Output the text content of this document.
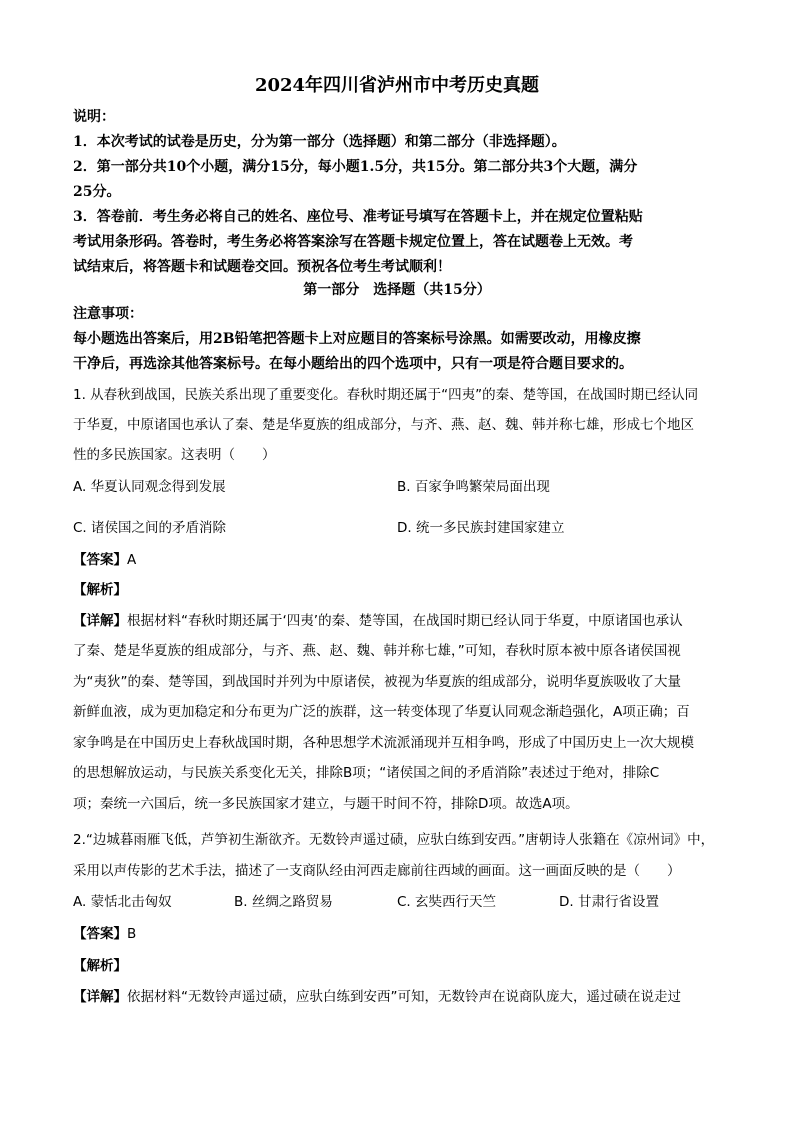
2024年四川省泸州市中考历史真题
说明：
1．本次考试的试卷是历史，分为第一部分（选择题）和第二部分（非选择题）。
2．第一部分共10个小题，满分15分，每小题1.5分，共15分。第二部分共3个大题，满分
25分。
3．答卷前．考生务必将自己的姓名、座位号、准考证号填写在答题卡上，并在规定位置粘贴
考试用条形码。答卷时，考生务必将答案涂写在答题卡规定位置上，答在试题卷上无效。考
试结束后，将答题卡和试题卷交回。预祝各位考生考试顺利！
第一部分　选择题（共15分）
注意事项：
每小题选出答案后，用2B铅笔把答题卡上对应题目的答案标号涂黑。如需要改动，用橡皮擦
干净后，再选涂其他答案标号。在每小题给出的四个选项中，只有一项是符合题目要求的。
1. 从春秋到战国，民族关系出现了重要变化。春秋时期还属于“四夷”的秦、楚等国，在战国时期已经认同
于华夏，中原诸国也承认了秦、楚是华夏族的组成部分，与齐、燕、赵、魏、韩并称七雄，形成七个地区
性的多民族国家。这表明（　　）
A. 华夏认同观念得到发展	B. 百家争鸣繁荣局面出现
C. 诸侯国之间的矛盾消除	D. 统一多民族封建国家建立
【答案】A
【解析】
【详解】根据材料“春秋时期还属于‘四夷’的秦、楚等国，在战国时期已经认同于华夏，中原诸国也承认
了秦、楚是华夏族的组成部分，与齐、燕、赵、魏、韩并称七雄，”可知，春秋时原本被中原各诸侯国视
为“夷狄”的秦、楚等国，到战国时并列为中原诸侯，被视为华夏族的组成部分，说明华夏族吸收了大量
新鲜血液，成为更加稳定和分布更为广泛的族群，这一转变体现了华夏认同观念渐趋强化，A项正确；百
家争鸣是在中国历史上春秋战国时期，各种思想学术流派涌现并互相争鸣，形成了中国历史上一次大规模
的思想解放运动，与民族关系变化无关，排除B项；“诸侯国之间的矛盾消除”表述过于绝对，排除C
项；秦统一六国后，统一多民族国家才建立，与题干时间不符，排除D项。故选A项。
2.“边城暮雨雁飞低，芦笋初生渐欲齐。无数铃声遥过碛，应驮白练到安西。”唐朝诗人张籍在《凉州词》中，
采用以声传影的艺术手法，描述了一支商队经由河西走廊前往西域的画面。这一画面反映的是（　　）
A. 蒙恬北击匈奴	B. 丝绸之路贸易	C. 玄奘西行天竺	D. 甘肃行省设置
【答案】B
【解析】
【详解】依据材料“无数铃声遥过碛，应驮白练到安西”可知，无数铃声在说商队庞大，遥过碛在说走过
